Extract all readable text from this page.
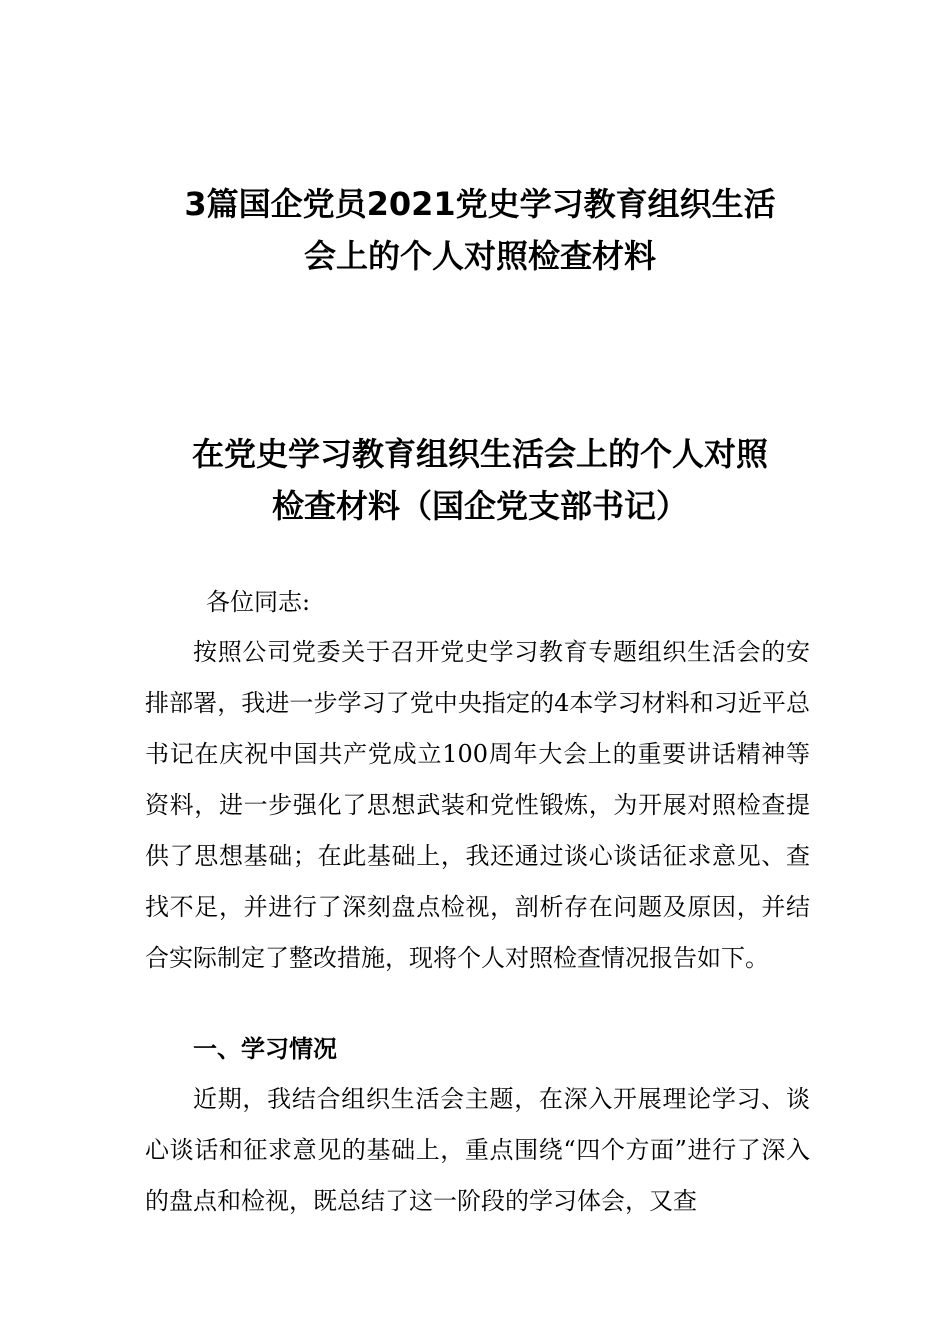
3篇国企党员2021党史学习教育组织生活
会上的个人对照检查材料
在党史学习教育组织生活会上的个人对照
检查材料（国企党支部书记）

各位同志:

按照公司党委关于召开党史学习教育专题组织生活会的安排部署，我进一步学习了党中央指定的4本学习材料和习近平总书记在庆祝中国共产党成立100周年大会上的重要讲话精神等资料，进一步强化了思想武装和党性锻炼，为开展对照检查提供了思想基础；在此基础上，我还通过谈心谈话征求意见、查找不足，并进行了深刻盘点检视，剖析存在问题及原因，并结合实际制定了整改措施，现将个人对照检查情况报告如下。

一、学习情况

近期，我结合组织生活会主题，在深入开展理论学习、谈心谈话和征求意见的基础上，重点围绕“四个方面”进行了深入的盘点和检视，既总结了这一阶段的学习体会，又查
